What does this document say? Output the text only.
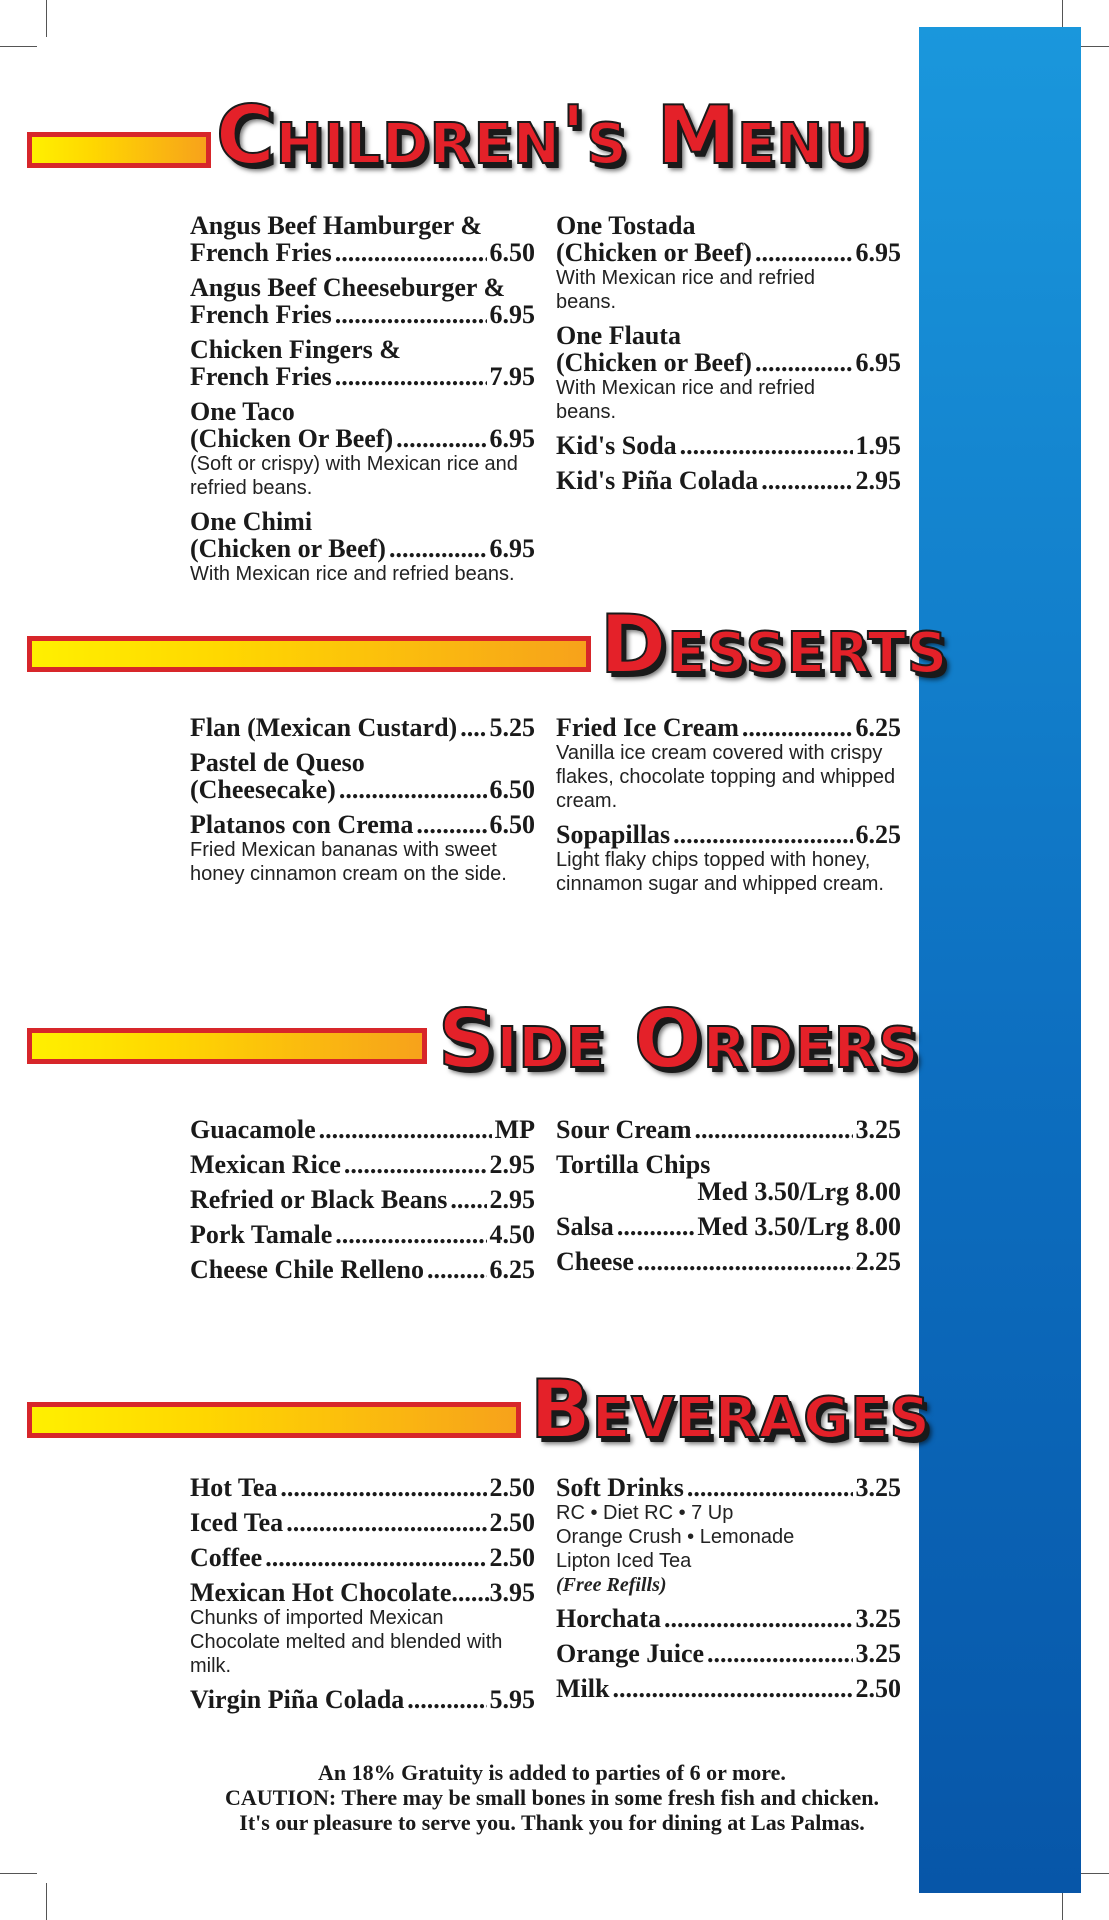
Children's Menu
Angus Beef Hamburger &
French Fries .....	6.50
Angus Beef Cheeseburger &
French Fries .....	6.95
Chicken Fingers &
French Fries .....	7.95
One Taco
(Chicken Or Beef) .....	6.95
(Soft or crispy) with Mexican rice and refried beans.
One Chimi
(Chicken or Beef) .....	6.95
With Mexican rice and refried beans.
One Tostada
(Chicken or Beef) .....	6.95
With Mexican rice and refried beans.
One Flauta
(Chicken or Beef) .....	6.95
With Mexican rice and refried beans.
Kid's Soda .....	1.95
Kid's Piña Colada .....	2.95
Desserts
Flan (Mexican Custard) ..... 5.25
Pastel de Queso
(Cheesecake) .....	6.50
Platanos con Crema .....	6.50
Fried Mexican bananas with sweet honey cinnamon cream on the side.
Fried Ice Cream .....	6.25
Vanilla ice cream covered with crispy flakes, chocolate topping and whipped cream.
Sopapillas .....	6.25
Light flaky chips topped with honey, cinnamon sugar and whipped cream.
Side Orders
Guacamole .....	MP
Mexican Rice .....	2.95
Refried or Black Beans ..... 2.95
Pork Tamale .....	4.50
Cheese Chile Relleno .....	6.25
Sour Cream .....	3.25
Tortilla Chips
Med 3.50/Lrg 8.00
Salsa .....	Med 3.50/Lrg 8.00
Cheese .....	2.25
Beverages
Hot Tea .....	2.50
Iced Tea .....	2.50
Coffee .....	2.50
Mexican Hot Chocolate ..... 3.95
Chunks of imported Mexican Chocolate melted and blended with milk.
Virgin Piña Colada .....	5.95
Soft Drinks .....	3.25
RC • Diet RC • 7 Up
Orange Crush • Lemonade
Lipton Iced Tea
(Free Refills)
Horchata .....	3.25
Orange Juice .....	3.25
Milk .....	2.50
An 18% Gratuity is added to parties of 6 or more.
CAUTION: There may be small bones in some fresh fish and chicken.
It's our pleasure to serve you. Thank you for dining at Las Palmas.
